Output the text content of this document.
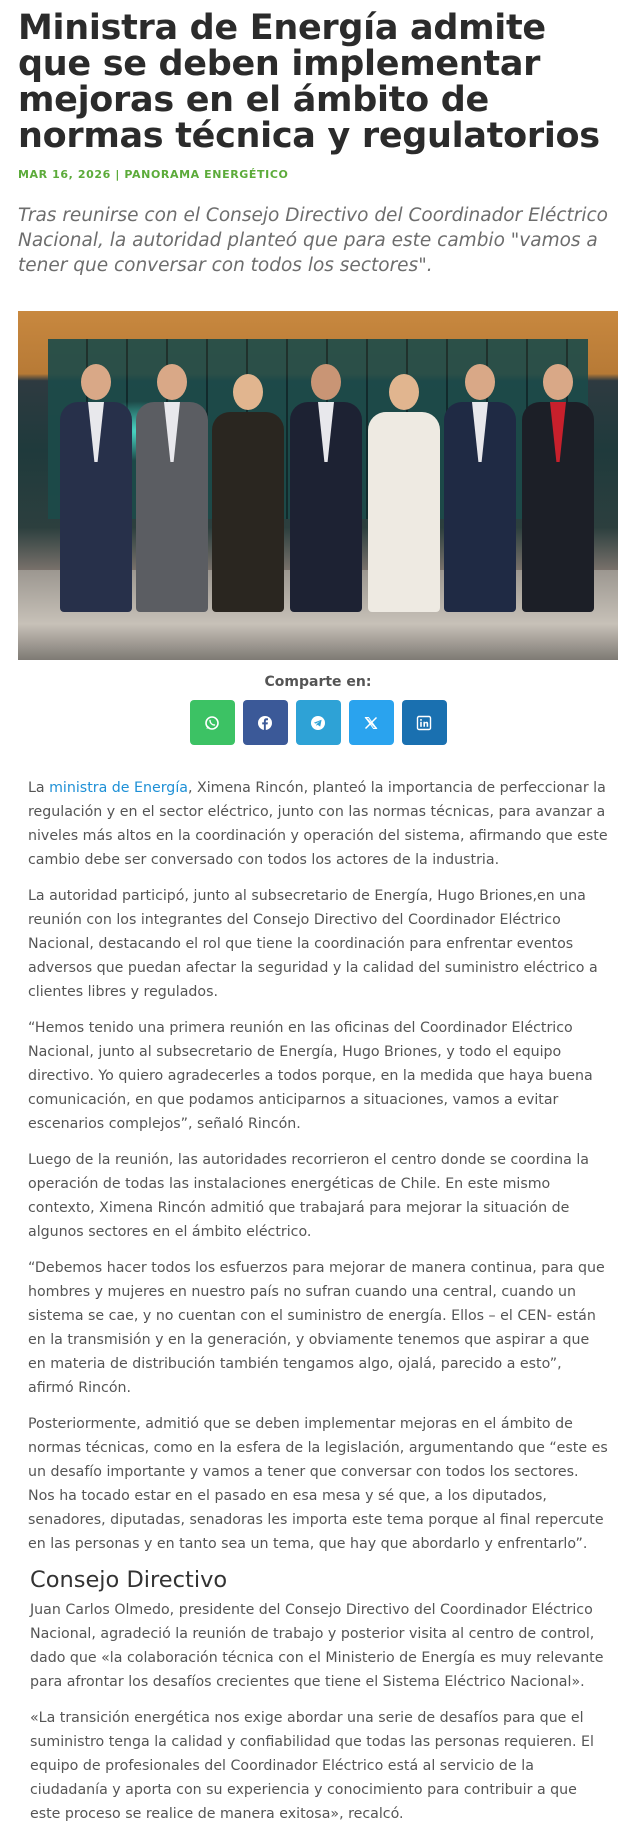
Ministra de Energía admite que se deben implementar mejoras en el ámbito de normas técnica y regulatorios
MAR 16, 2026 | PANORAMA ENERGÉTICO

Tras reunirse con el Consejo Directivo del Coordinador Eléctrico Nacional, la autoridad planteó que para este cambio "vamos a tener que conversar con todos los sectores".

Comparte en:

La ministra de Energía, Ximena Rincón, planteó la importancia de perfeccionar la regulación y en el sector eléctrico, junto con las normas técnicas, para avanzar a niveles más altos en la coordinación y operación del sistema, afirmando que este cambio debe ser conversado con todos los actores de la industria.

La autoridad participó, junto al subsecretario de Energía, Hugo Briones,en una reunión con los integrantes del Consejo Directivo del Coordinador Eléctrico Nacional, destacando el rol que tiene la coordinación para enfrentar eventos adversos que puedan afectar la seguridad y la calidad del suministro eléctrico a clientes libres y regulados.

“Hemos tenido una primera reunión en las oficinas del Coordinador Eléctrico Nacional, junto al subsecretario de Energía, Hugo Briones, y todo el equipo directivo. Yo quiero agradecerles a todos porque, en la medida que haya buena comunicación, en que podamos anticiparnos a situaciones, vamos a evitar escenarios complejos”, señaló Rincón.

Luego de la reunión, las autoridades recorrieron el centro donde se coordina la operación de todas las instalaciones energéticas de Chile. En este mismo contexto, Ximena Rincón admitió que trabajará para mejorar la situación de algunos sectores en el ámbito eléctrico.

“Debemos hacer todos los esfuerzos para mejorar de manera continua, para que hombres y mujeres en nuestro país no sufran cuando una central, cuando un sistema se cae, y no cuentan con el suministro de energía. Ellos – el CEN- están en la transmisión y en la generación, y obviamente tenemos que aspirar a que en materia de distribución también tengamos algo, ojalá, parecido a esto”, afirmó Rincón.

Posteriormente, admitió que se deben implementar mejoras en el ámbito de normas técnicas, como en la esfera de la legislación, argumentando que “este es un desafío importante y vamos a tener que conversar con todos los sectores. Nos ha tocado estar en el pasado en esa mesa y sé que, a los diputados, senadores, diputadas, senadoras les importa este tema porque al final repercute en las personas y en tanto sea un tema, que hay que abordarlo y enfrentarlo”.

Consejo Directivo

Juan Carlos Olmedo, presidente del Consejo Directivo del Coordinador Eléctrico Nacional, agradeció la reunión de trabajo y posterior visita al centro de control, dado que «la colaboración técnica con el Ministerio de Energía es muy relevante para afrontar los desafíos crecientes que tiene el Sistema Eléctrico Nacional».

«La transición energética nos exige abordar una serie de desafíos para que el suministro tenga la calidad y confiabilidad que todas las personas requieren. El equipo de profesionales del Coordinador Eléctrico está al servicio de la ciudadanía y aporta con su experiencia y conocimiento para contribuir a que este proceso se realice de manera exitosa», recalcó.
